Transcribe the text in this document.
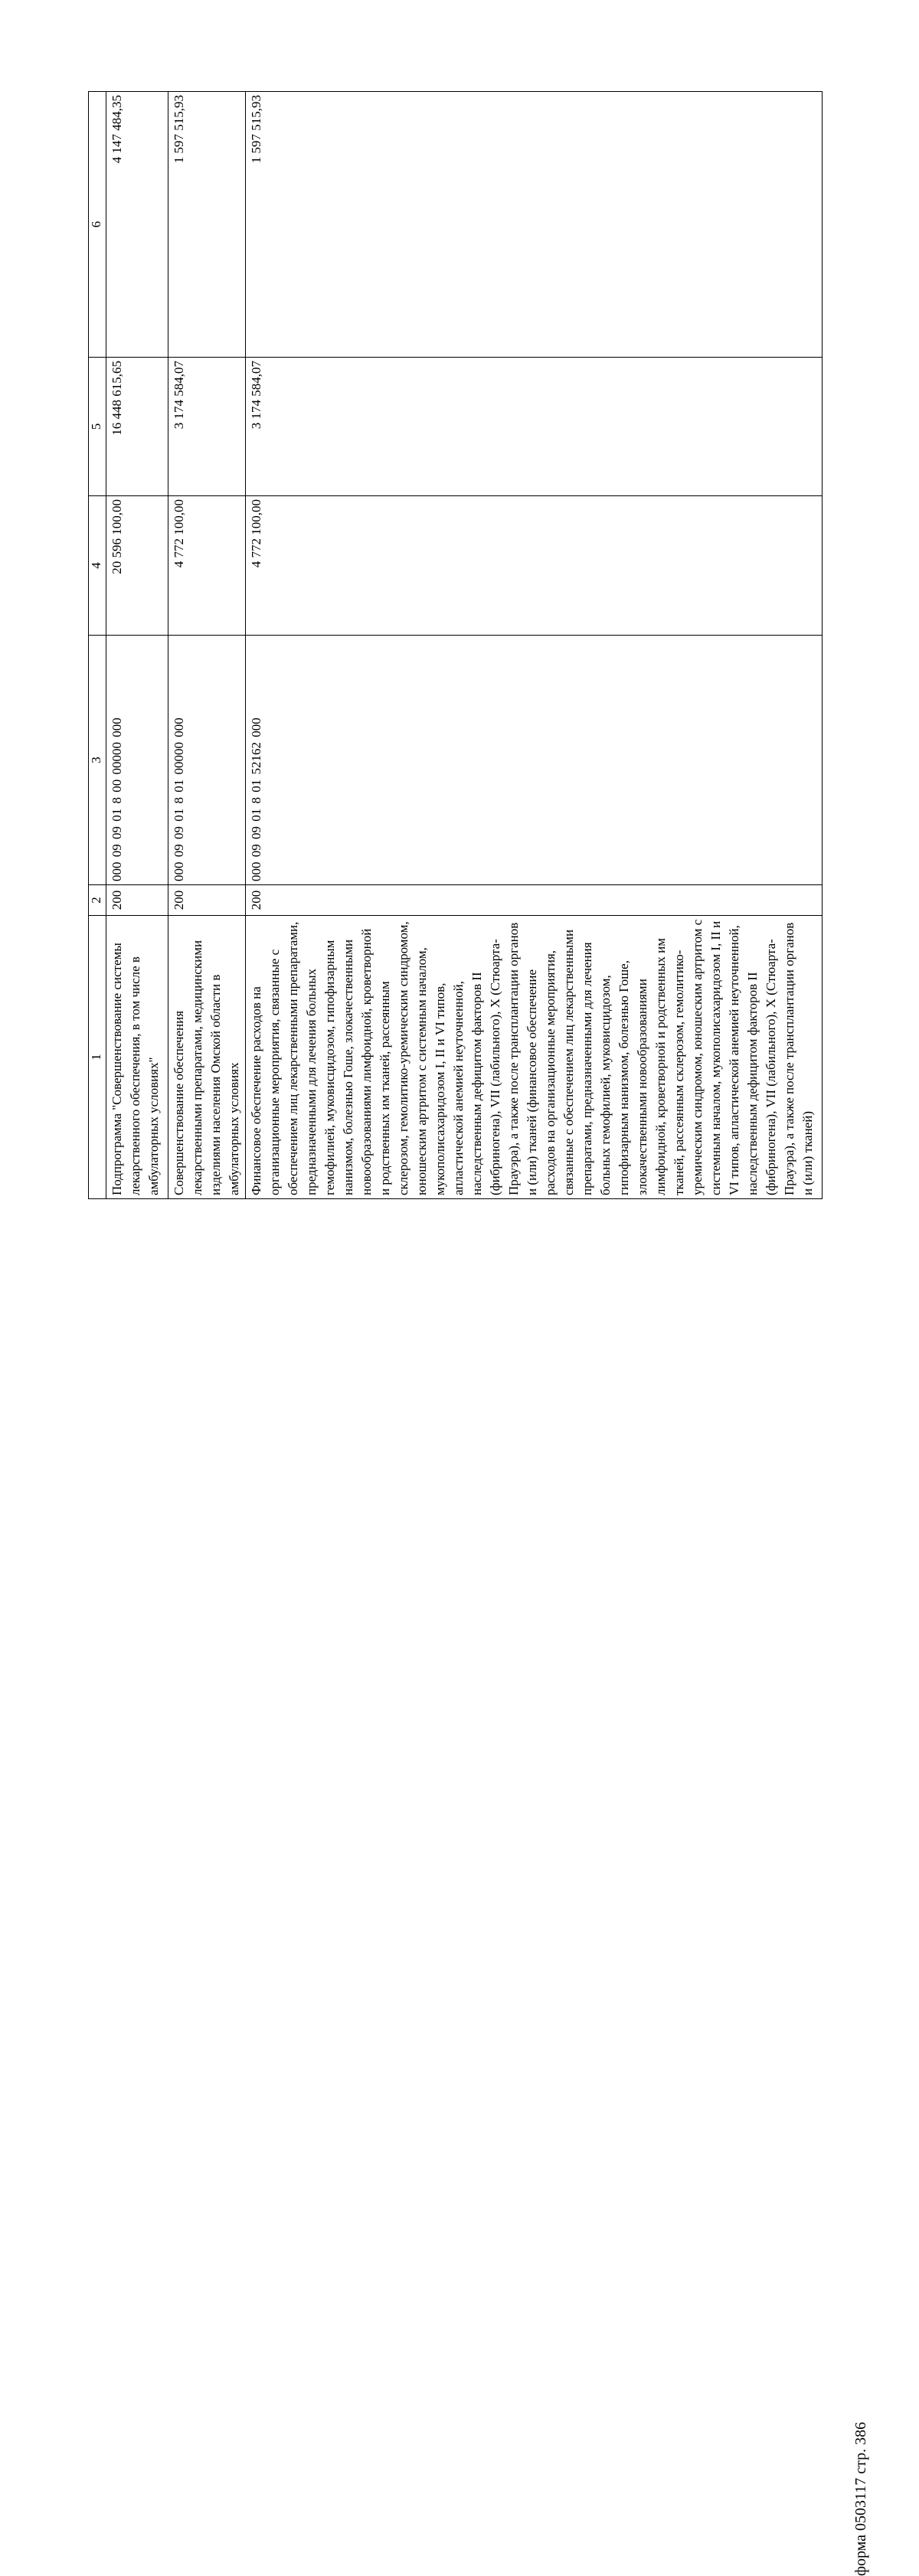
форма 0503117 стр. 386
1	2	3	4	5	6
Подпрограмма "Совершенствование системы лекарственного обеспечения, в том числе в амбулаторных условиях"	200	000 09 09 01 8 00 00000 000	20 596 100,00	16 448 615,65	4 147 484,35
Совершенствование обеспечения лекарственными препаратами, медицинскими изделиями населения Омской области в амбулаторных условиях	200	000 09 09 01 8 01 00000 000	4 772 100,00	3 174 584,07	1 597 515,93
Финансовое обеспечение расходов на организационные мероприятия, связанные с обеспечением лиц лекарственными препаратами, предназначенными для лечения больных гемофилией, муковисцидозом, гипофизарным нанизмом, болезнью Гоше, злокачественными новообразованиями лимфоидной, кроветворной и родственных им тканей, рассеянным склерозом, гемолитико-уремическим синдромом, юношеским артритом с системным началом, мукополисахаридозом I, II и VI типов, апластической анемией неуточненной, наследственным дефицитом факторов II (фибриногена), VII (лабильного), X (Стюарта-Прауэра), а также после трансплантации органов и (или) тканей (финансовое обеспечение расходов на организационные мероприятия, связанные с обеспечением лиц лекарственными препаратами, предназначенными для лечения больных гемофилией, муковисцидозом, гипофизарным нанизмом, болезнью Гоше, злокачественными новообразованиями лимфоидной, кроветворной и родственных им тканей, рассеянным склерозом, гемолитико-уремическим синдромом, юношеским артритом с системным началом, мукополисахаридозом I, II и VI типов, апластической анемией неуточненной, наследственным дефицитом факторов II (фибриногена), VII (лабильного), X (Стюарта-Прауэра), а также после трансплантации органов и (или) тканей)	200	000 09 09 01 8 01 52162 000	4 772 100,00	3 174 584,07	1 597 515,93
